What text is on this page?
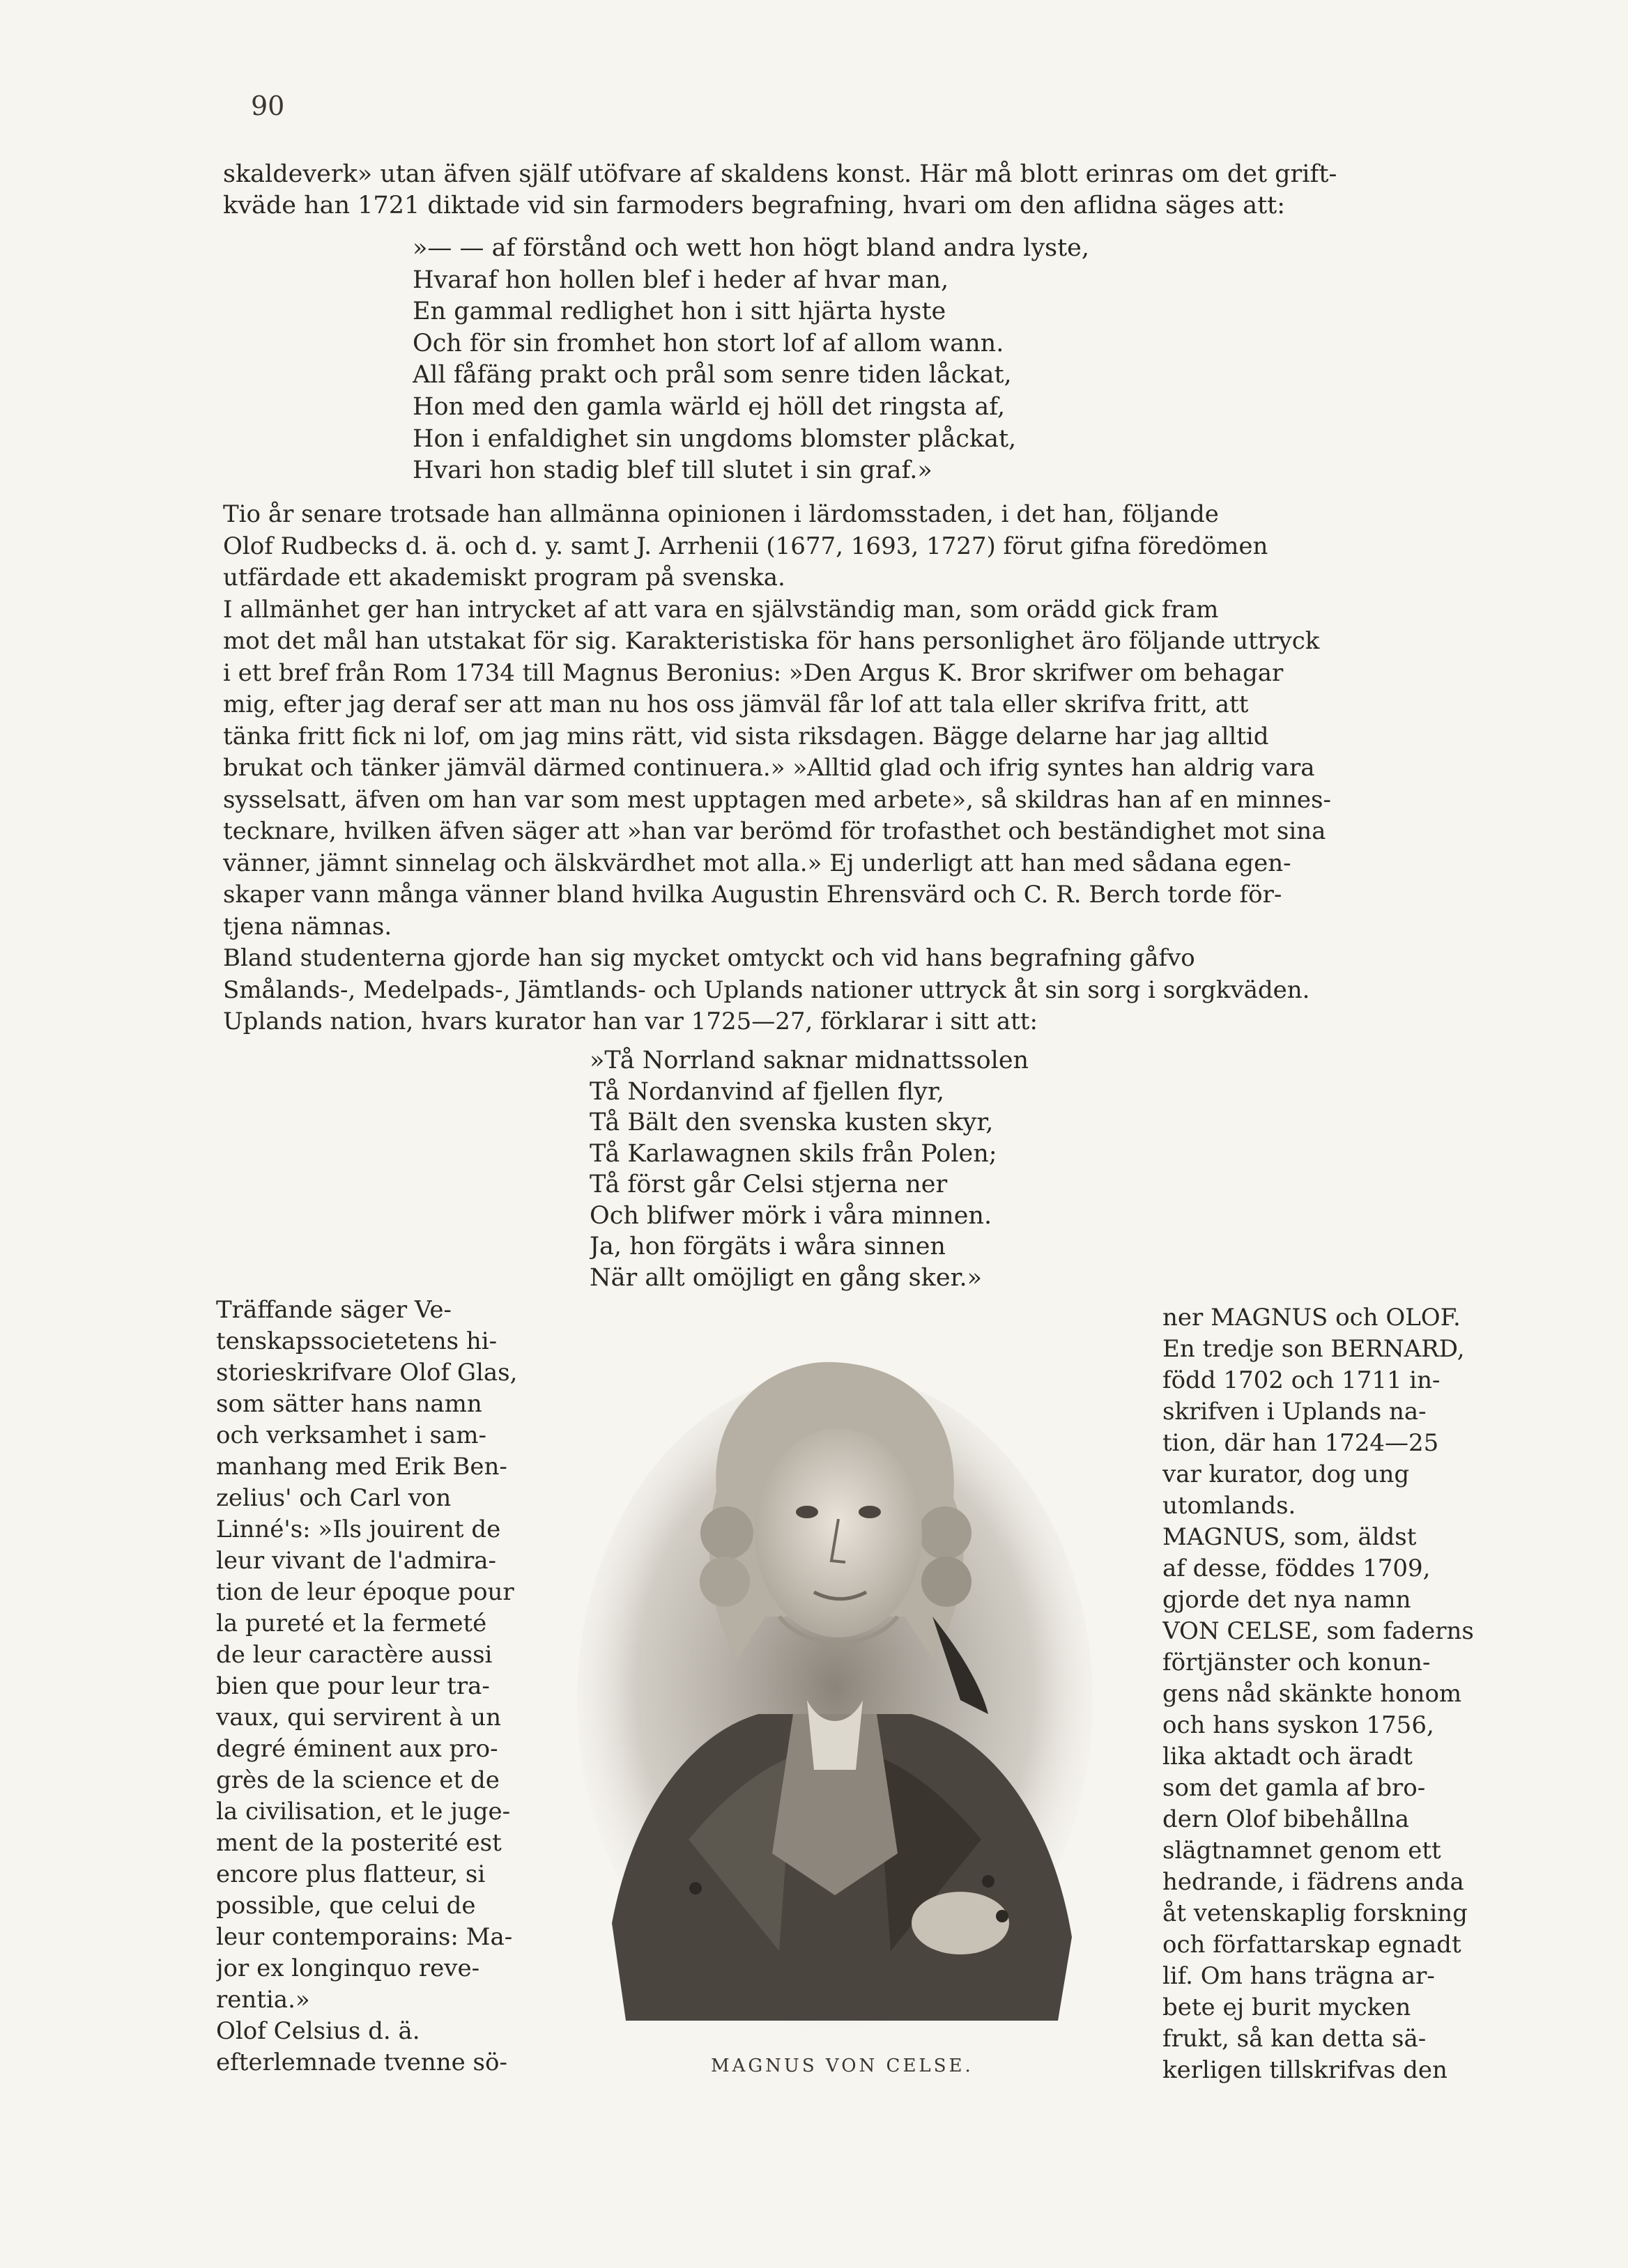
90
skaldeverk» utan äfven själf utöfvare af skaldens konst. Här må blott erinras om det grift-
kväde han 1721 diktade vid sin farmoders begrafning, hvari om den aflidna säges att:
»— — af förstånd och wett hon högt bland andra lyste,
Hvaraf hon hollen blef i heder af hvar man,
En gammal redlighet hon i sitt hjärta hyste
Och för sin fromhet hon stort lof af allom wann.
All fåfäng prakt och prål som senre tiden låckat,
Hon med den gamla wärld ej höll det ringsta af,
Hon i enfaldighet sin ungdoms blomster plåckat,
Hvari hon stadig blef till slutet i sin graf.»
Tio år senare trotsade han allmänna opinionen i lärdomsstaden, i det han, följande
Olof Rudbecks d. ä. och d. y. samt J. Arrhenii (1677, 1693, 1727) förut gifna föredömen
utfärdade ett akademiskt program på svenska.
I allmänhet ger han intrycket af att vara en självständig man, som orädd gick fram
mot det mål han utstakat för sig. Karakteristiska för hans personlighet äro följande uttryck
i ett bref från Rom 1734 till Magnus Beronius: »Den Argus K. Bror skrifwer om behagar
mig, efter jag deraf ser att man nu hos oss jämväl får lof att tala eller skrifva fritt, att
tänka fritt fick ni lof, om jag mins rätt, vid sista riksdagen. Bägge delarne har jag alltid
brukat och tänker jämväl därmed continuera.» »Alltid glad och ifrig syntes han aldrig vara
sysselsatt, äfven om han var som mest upptagen med arbete», så skildras han af en minnes-
tecknare, hvilken äfven säger att »han var berömd för trofasthet och beständighet mot sina
vänner, jämnt sinnelag och älskvärdhet mot alla.» Ej underligt att han med sådana egen-
skaper vann många vänner bland hvilka Augustin Ehrensvärd och C. R. Berch torde för-
tjena nämnas.
Bland studenterna gjorde han sig mycket omtyckt och vid hans begrafning gåfvo
Smålands-, Medelpads-, Jämtlands- och Uplands nationer uttryck åt sin sorg i sorgkväden.
Uplands nation, hvars kurator han var 1725—27, förklarar i sitt att:
»Tå Norrland saknar midnattssolen
Tå Nordanvind af fjellen flyr,
Tå Bält den svenska kusten skyr,
Tå Karlawagnen skils från Polen;
Tå först går Celsi stjerna ner
Och blifwer mörk i våra minnen.
Ja, hon förgäts i wåra sinnen
När allt omöjligt en gång sker.»
Träffande säger Ve-
tenskapssocietetens hi-
storieskrifvare Olof Glas,
som sätter hans namn
och verksamhet i sam-
manhang med Erik Ben-
zelius' och Carl von
Linné's: »Ils jouirent de
leur vivant de l'admira-
tion de leur époque pour
la pureté et la fermeté
de leur caractère aussi
bien que pour leur tra-
vaux, qui servirent à un
degré éminent aux pro-
grès de la science et de
la civilisation, et le juge-
ment de la posterité est
encore plus flatteur, si
possible, que celui de
leur contemporains: Ma-
jor ex longinquo reve-
rentia.»
Olof Celsius d. ä.
efterlemnade tvenne sö-	MAGNUS VON CELSE.
ner MAGNUS och OLOF.
En tredje son BERNARD,
född 1702 och 1711 in-
skrifven i Uplands na-
tion, där han 1724—25
var kurator, dog ung
utomlands.
MAGNUS, som, äldst
af desse, föddes 1709,
gjorde det nya namn
VON CELSE, som faderns
förtjänster och konun-
gens nåd skänkte honom
och hans syskon 1756,
lika aktadt och äradt
som det gamla af bro-
dern Olof bibehållna
slägtnamnet genom ett
hedrande, i fädrens anda
åt vetenskaplig forskning
och författarskap egnadt
lif. Om hans trägna ar-
bete ej burit mycken
frukt, så kan detta sä-
kerligen tillskrifvas den
